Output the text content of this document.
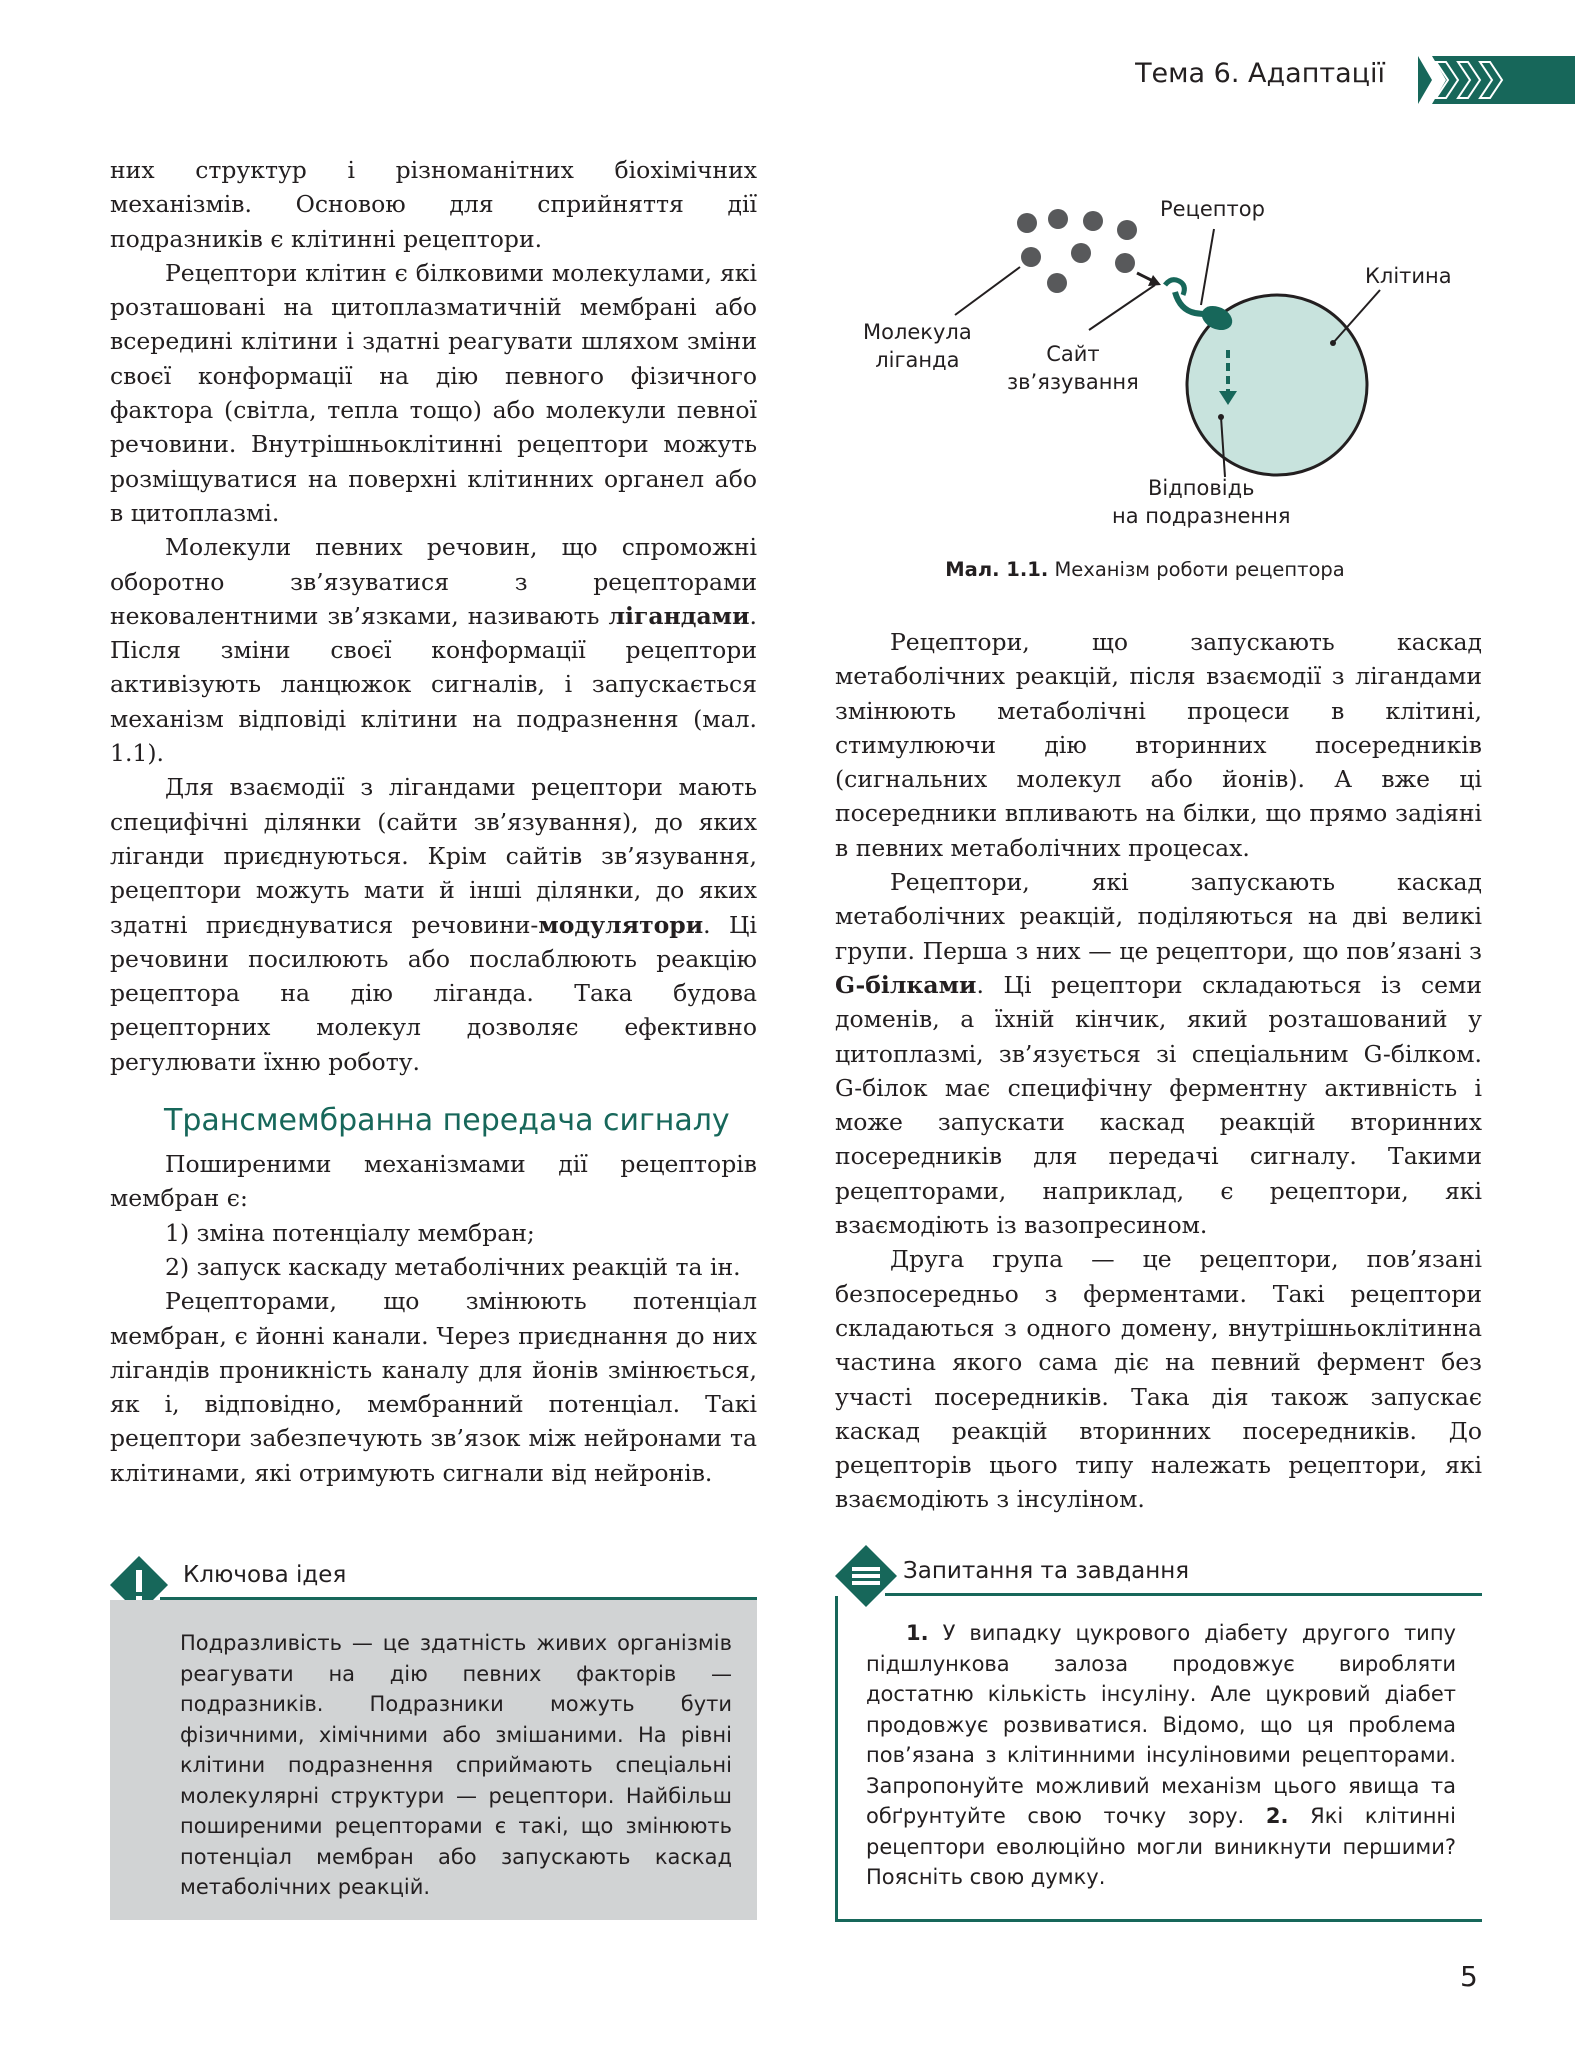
Тема 6. Адаптації

них структур і різноманітних біохімічних механізмів. Основою для сприйняття дії подразників є клітинні рецептори.

Рецептори клітин є білковими молекулами, які розташовані на цитоплазматичній мембрані або всередині клітини і здатні реагувати шляхом зміни своєї конформації на дію певного фізичного фактора (світла, тепла тощо) або молекули певної речовини. Внутрішньоклітинні рецептори можуть розміщуватися на поверхні клітинних органел або в цитоплазмі.

Молекули певних речовин, що спроможні оборотно зв’язуватися з рецепторами нековалентними зв’язками, називають лігандами. Після зміни своєї конформації рецептори активізують ланцюжок сигналів, і запускається механізм відповіді клітини на подразнення (мал. 1.1).

Для взаємодії з лігандами рецептори мають специфічні ділянки (сайти зв’язування), до яких ліганди приєднуються. Крім сайтів зв’язування, рецептори можуть мати й інші ділянки, до яких здатні приєднуватися речовини-модулятори. Ці речовини посилюють або послаблюють реакцію рецептора на дію ліганда. Така будова рецепторних молекул дозволяє ефективно регулювати їхню роботу.

Трансмембранна передача сигналу

Поширеними механізмами дії рецепторів мембран є:

1) зміна потенціалу мембран;

2) запуск каскаду метаболічних реакцій та ін.

Рецепторами, що змінюють потенціал мембран, є йонні канали. Через приєднання до них лігандів проникність каналу для йонів змінюється, як і, відповідно, мембранний потенціал. Такі рецептори забезпечують зв’язок між нейронами та клітинами, які отримують сигнали від нейронів.

Рецептор
Клітина
Молекула
ліганда	Сайт
зв’язування
Відповідь
на подразнення
Мал. 1.1. Механізм роботи рецептора

Рецептори, що запускають каскад метаболічних реакцій, після взаємодії з лігандами змінюють метаболічні процеси в клітині, стимулюючи дію вторинних посередників (сигнальних молекул або йонів). А вже ці посередники впливають на білки, що прямо задіяні в певних метаболічних процесах.

Рецептори, які запускають каскад метаболічних реакцій, поділяються на дві великі групи. Перша з них — це рецептори, що пов’язані з G-білками. Ці рецептори складаються із семи доменів, а їхній кінчик, який розташований у цитоплазмі, зв’язується зі спеціальним G-білком. G-білок має специфічну ферментну активність і може запускати каскад реакцій вторинних посередників для передачі сигналу. Такими рецепторами, наприклад, є рецептори, які взаємодіють із вазопресином.

Друга група — це рецептори, пов’язані безпосередньо з ферментами. Такі рецептори складаються з одного домену, внутрішньоклітинна частина якого сама діє на певний фермент без участі посередників. Така дія також запускає каскад реакцій вторинних посередників. До рецепторів цього типу належать рецептори, які взаємодіють з інсуліном.

Ключова ідея
Подразливість — це здатність живих організмів реагувати на дію певних факторів — подразників. Подразники можуть бути фізичними, хімічними або змішаними. На рівні клітини подразнення сприймають спеціальні молекулярні структури — рецептори. Найбільш поширеними рецепторами є такі, що змінюють потенціал мембран або запускають каскад метаболічних реакцій.
Запитання та завдання
1. У випадку цукрового діабету другого типу підшлункова залоза продовжує виробляти достатню кількість інсуліну. Але цукровий діабет продовжує розвиватися. Відомо, що ця проблема пов’язана з клітинними інсуліновими рецепторами. Запропонуйте можливий механізм цього явища та обґрунтуйте свою точку зору. 2. Які клітинні рецептори еволюційно могли виникнути першими? Поясніть свою думку.
5
